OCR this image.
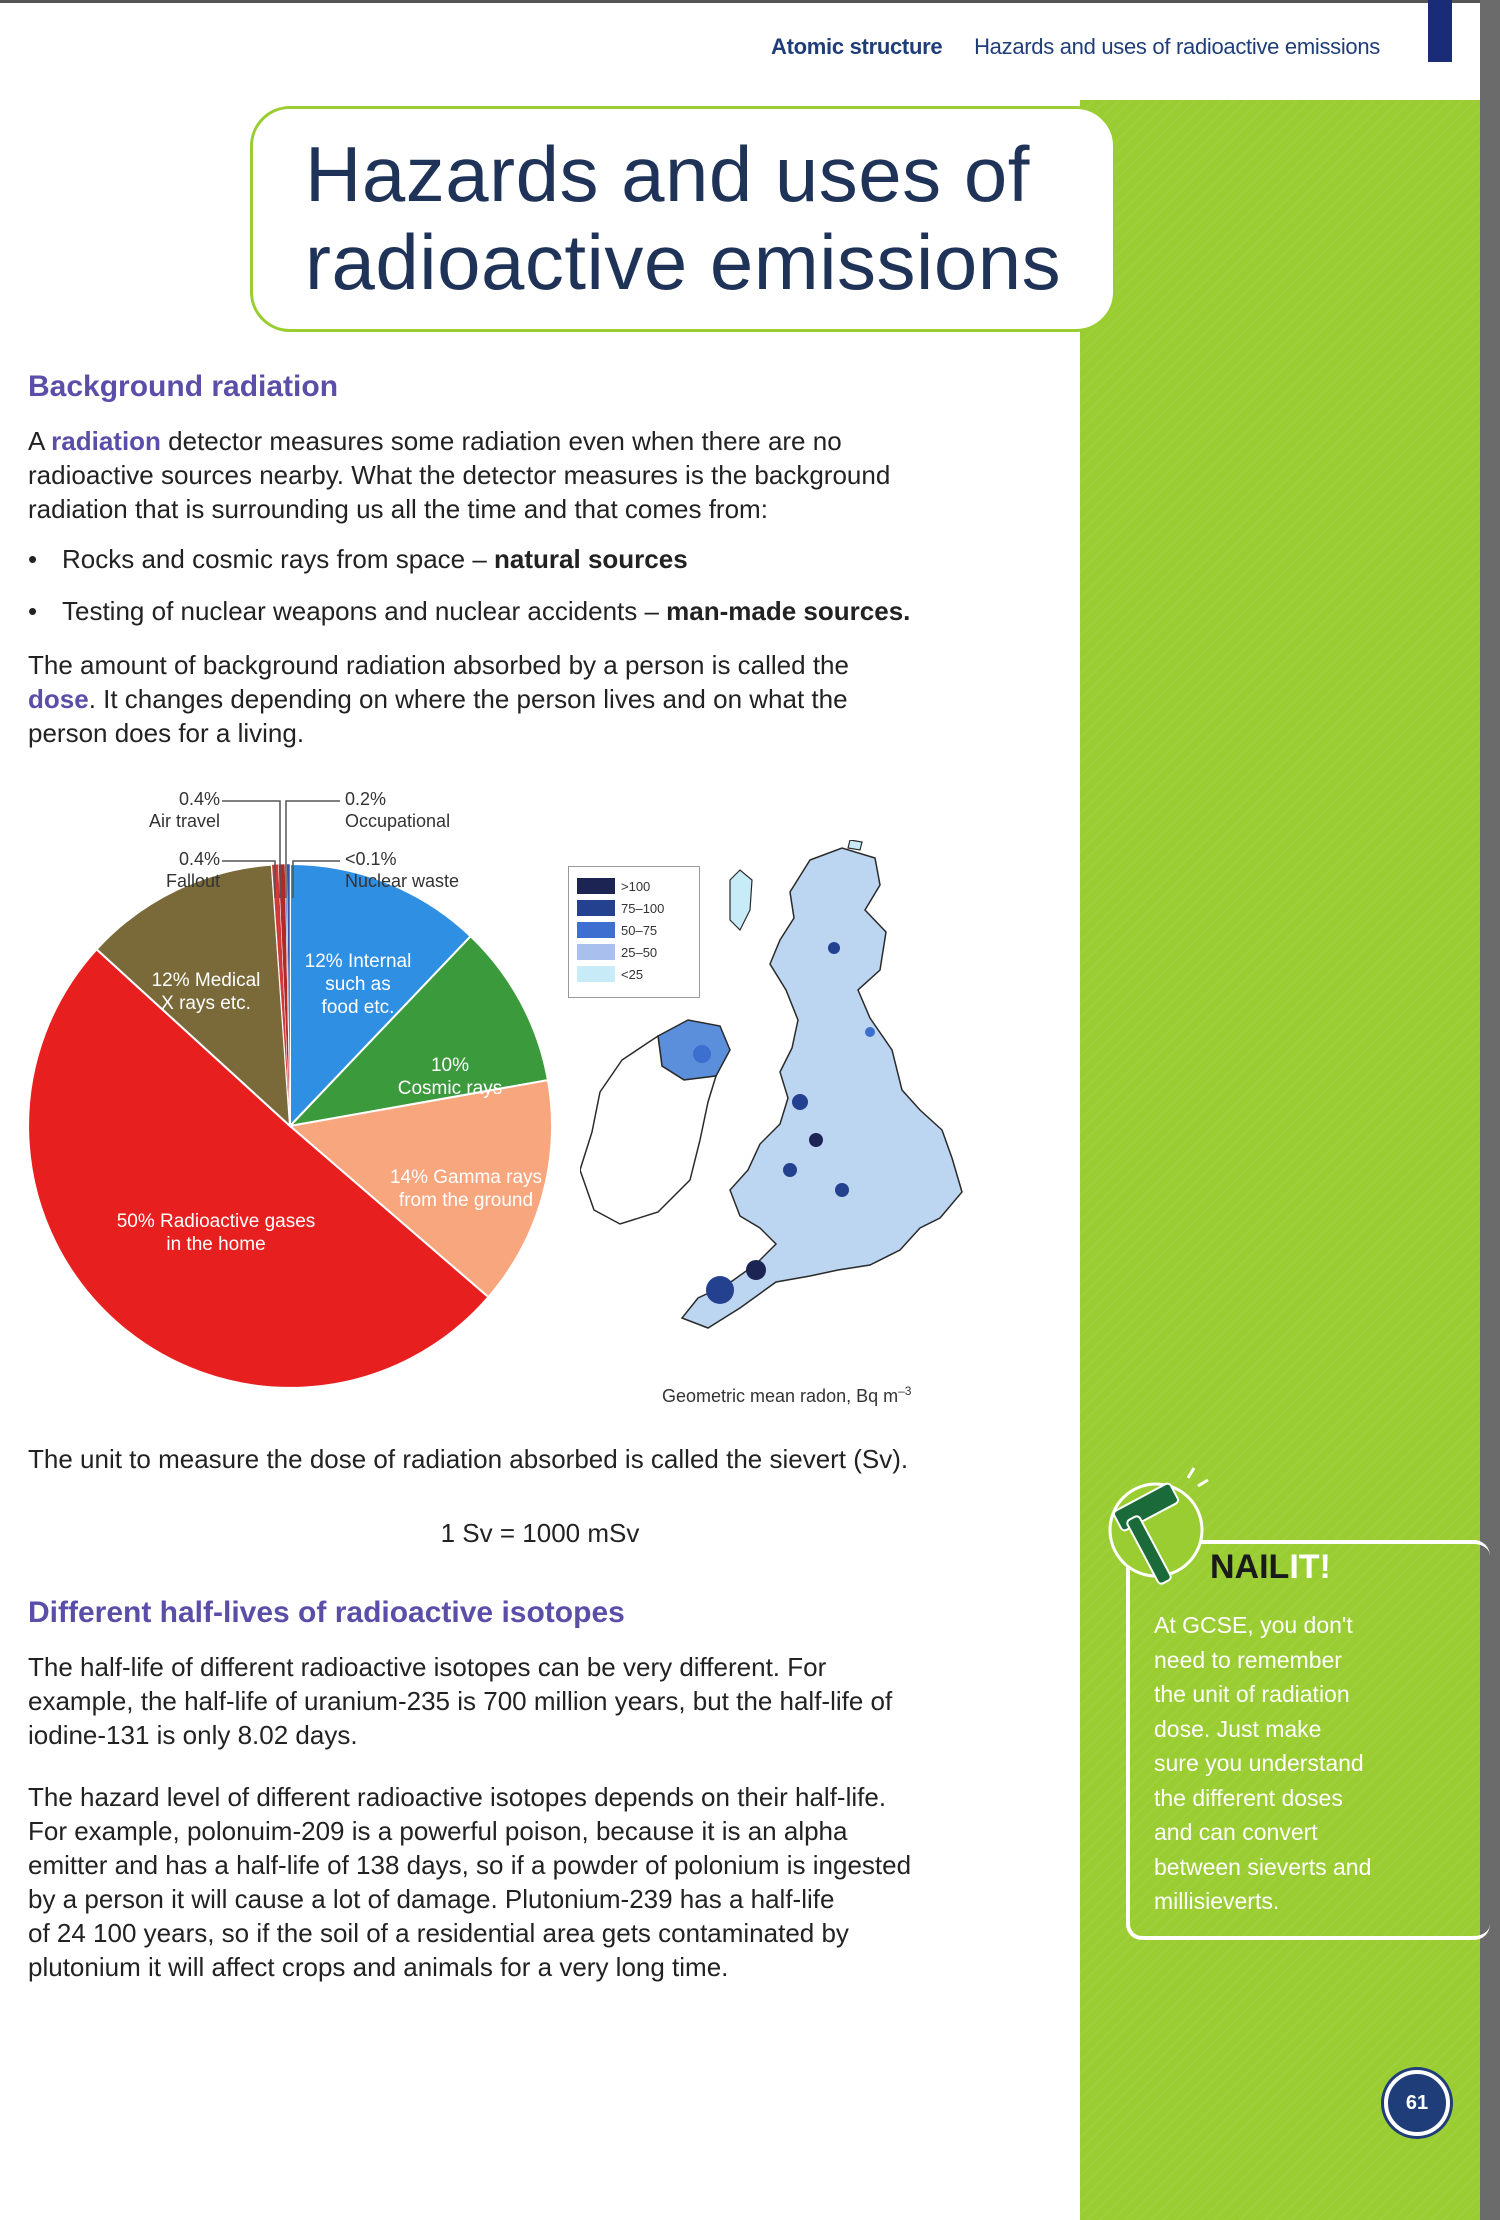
Atomic structure Hazards and uses of radioactive emissions
Hazards and uses of
radioactive emissions
Background radiation

A radiation detector measures some radiation even when there are no
radioactive sources nearby. What the detector measures is the background
radiation that is surrounding us all the time and that comes from:

• Rocks and cosmic rays from space – natural sources
• Testing of nuclear weapons and nuclear accidents – man-made sources.

The amount of background radiation absorbed by a person is called the
dose. It changes depending on where the person lives and on what the
person does for a living.

12% Internal
such as
food etc.
10%
Cosmic rays
14% Gamma rays
from the ground
50% Radioactive gases
in the home
12% Medical
X rays etc.
0.4%
Air travel
0.4%
Fallout
0.2%
Occupational
<0.1%
Nuclear waste	>100
75–100
50–75
25–50
<25
Geometric mean radon, Bq $m^{-3}$

The unit to measure the dose of radiation absorbed is called the sievert (Sv).

1 Sv = 1000 mSv
Different half-lives of radioactive isotopes

The half-life of different radioactive isotopes can be very different. For
example, the half-life of uranium-235 is 700 million years, but the half-life of
iodine-131 is only 8.02 days.

The hazard level of different radioactive isotopes depends on their half-life.
For example, polonuim-209 is a powerful poison, because it is an alpha
emitter and has a half-life of 138 days, so if a powder of polonium is ingested
by a person it will cause a lot of damage. Plutonium-239 has a half-life
of 24 100 years, so if the soil of a residential area gets contaminated by
plutonium it will affect crops and animals for a very long time.

NAILIT!
At GCSE, you don't
need to remember
the unit of radiation
dose. Just make
sure you understand
the different doses
and can convert
between sieverts and
millisieverts.
61
